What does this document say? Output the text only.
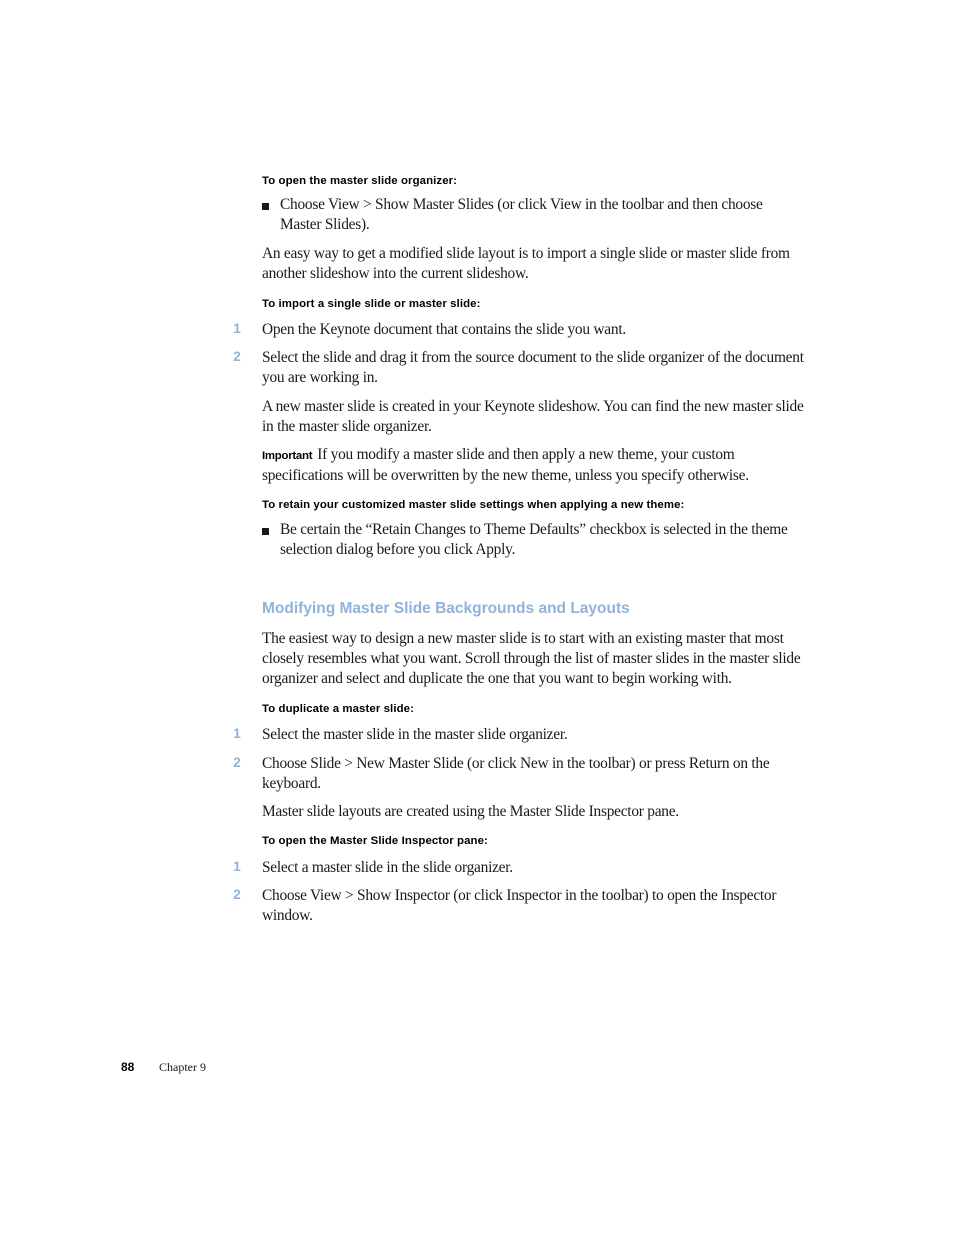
To open the master slide organizer:

Choose View > Show Master Slides (or click View in the toolbar and then choose Master Slides).

An easy way to get a modified slide layout is to import a single slide or master slide from another slideshow into the current slideshow.

To import a single slide or master slide:
1 Open the Keynote document that contains the slide you want.

2 Select the slide and drag it from the source document to the slide organizer of the document you are working in.

A new master slide is created in your Keynote slideshow. You can find the new master slide in the master slide organizer.

Important If you modify a master slide and then apply a new theme, your custom specifications will be overwritten by the new theme, unless you specify otherwise.

To retain your customized master slide settings when applying a new theme:

Be certain the “Retain Changes to Theme Defaults” checkbox is selected in the theme selection dialog before you click Apply.

Modifying Master Slide Backgrounds and Layouts

The easiest way to design a new master slide is to start with an existing master that most closely resembles what you want. Scroll through the list of master slides in the master slide organizer and select and duplicate the one that you want to begin working with.

To duplicate a master slide:
1 Select the master slide in the master slide organizer.

2 Choose Slide > New Master Slide (or click New in the toolbar) or press Return on the keyboard.

Master slide layouts are created using the Master Slide Inspector pane.

To open the Master Slide Inspector pane:
1 Select a master slide in the slide organizer.

2 Choose View > Show Inspector (or click Inspector in the toolbar) to open the Inspector window.

88 Chapter 9
